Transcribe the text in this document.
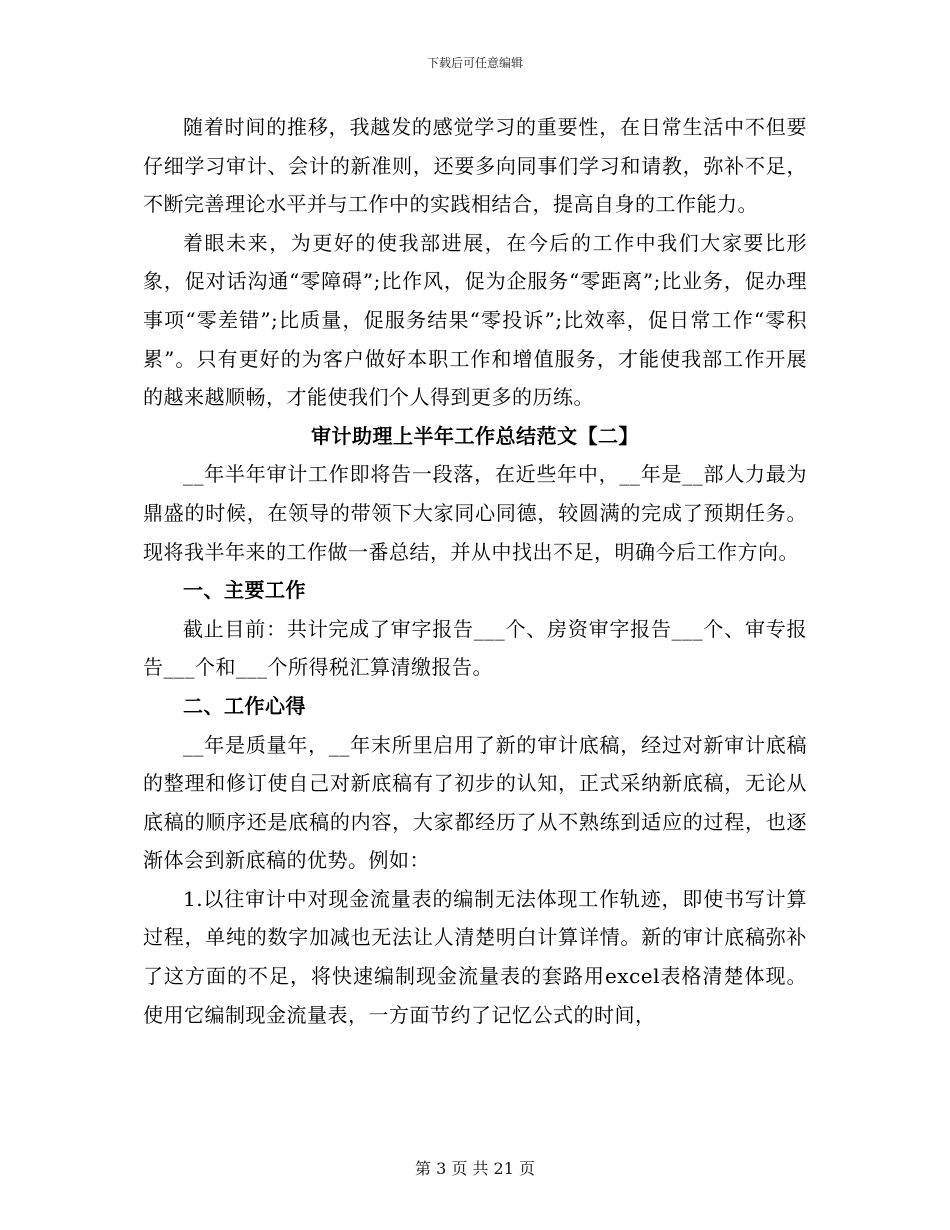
下载后可任意编辑

随着时间的推移，我越发的感觉学习的重要性，在日常生活中不但要仔细学习审计、会计的新准则，还要多向同事们学习和请教，弥补不足，不断完善理论水平并与工作中的实践相结合，提高自身的工作能力。

着眼未来，为更好的使我部进展，在今后的工作中我们大家要比形象，促对话沟通“零障碍”;比作风，促为企服务“零距离”;比业务，促办理事项“零差错”;比质量，促服务结果“零投诉”;比效率，促日常工作“零积累”。只有更好的为客户做好本职工作和增值服务，才能使我部工作开展的越来越顺畅，才能使我们个人得到更多的历练。

审计助理上半年工作总结范文【二】

__年半年审计工作即将告一段落，在近些年中，__年是__部人力最为鼎盛的时候，在领导的带领下大家同心同德，较圆满的完成了预期任务。现将我半年来的工作做一番总结，并从中找出不足，明确今后工作方向。

一、主要工作

截止目前：共计完成了审字报告___个、房资审字报告___个、审专报告___个和___个所得税汇算清缴报告。

二、工作心得

__年是质量年，__年末所里启用了新的审计底稿，经过对新审计底稿的整理和修订使自己对新底稿有了初步的认知，正式采纳新底稿，无论从底稿的顺序还是底稿的内容，大家都经历了从不熟练到适应的过程，也逐渐体会到新底稿的优势。例如：

1.以往审计中对现金流量表的编制无法体现工作轨迹，即使书写计算过程，单纯的数字加减也无法让人清楚明白计算详情。新的审计底稿弥补了这方面的不足，将快速编制现金流量表的套路用excel表格清楚体现。使用它编制现金流量表，一方面节约了记忆公式的时间，

第 3 页 共 21 页
